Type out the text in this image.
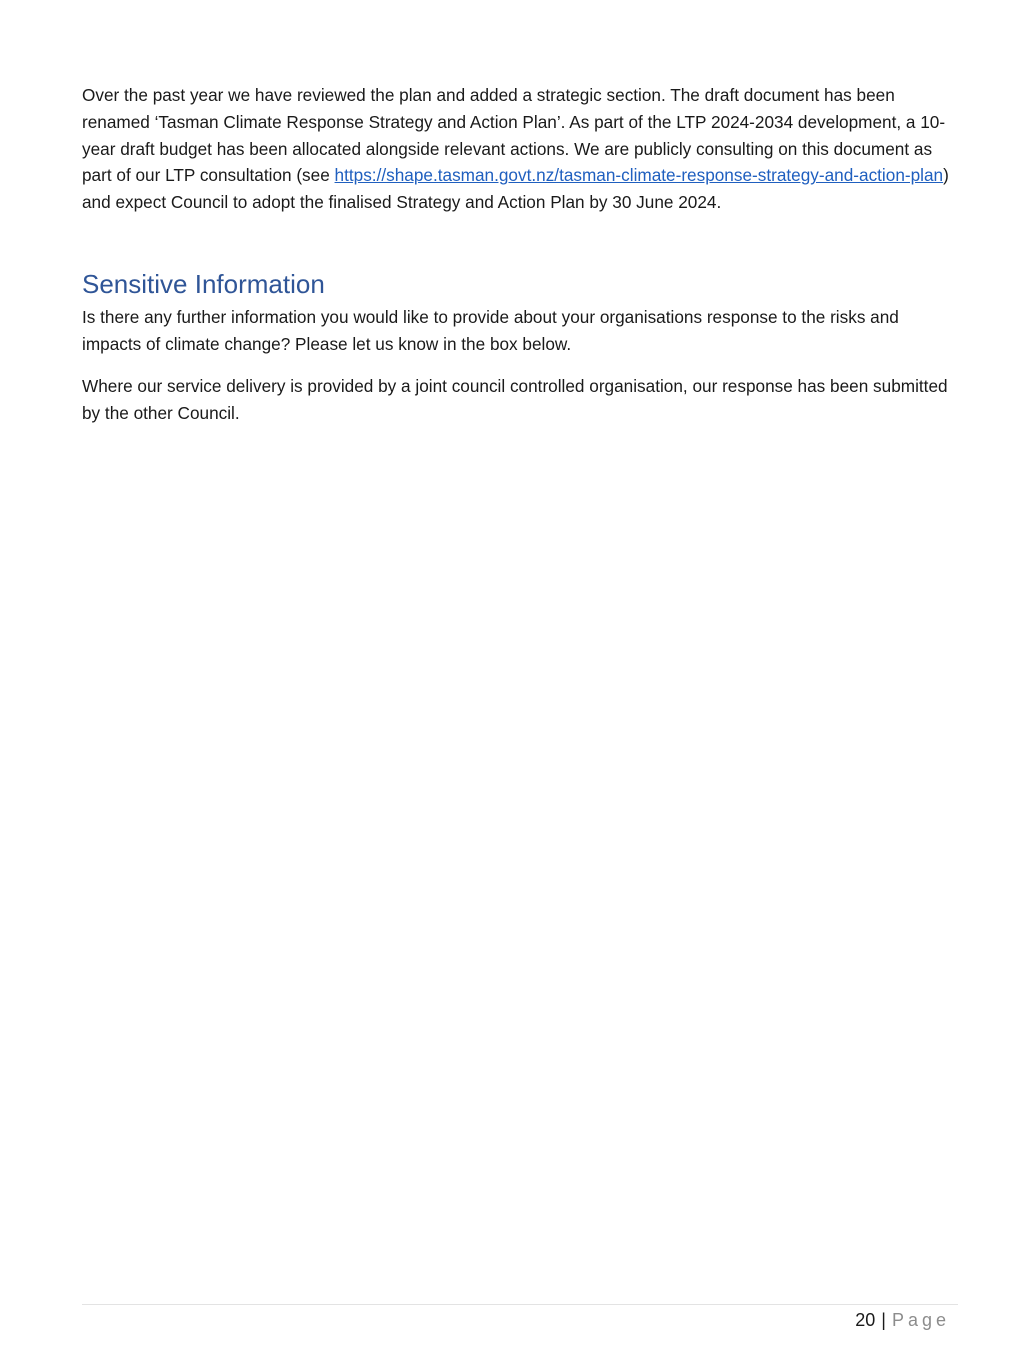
Over the past year we have reviewed the plan and added a strategic section. The draft document has been renamed ‘Tasman Climate Response Strategy and Action Plan’. As part of the LTP 2024-2034 development, a 10-year draft budget has been allocated alongside relevant actions. We are publicly consulting on this document as part of our LTP consultation (see https://shape.tasman.govt.nz/tasman-climate-response-strategy-and-action-plan) and expect Council to adopt the finalised Strategy and Action Plan by 30 June 2024.

Sensitive Information

Is there any further information you would like to provide about your organisations response to the risks and impacts of climate change? Please let us know in the box below.

Where our service delivery is provided by a joint council controlled organisation, our response has been submitted by the other Council.

20 | Page
